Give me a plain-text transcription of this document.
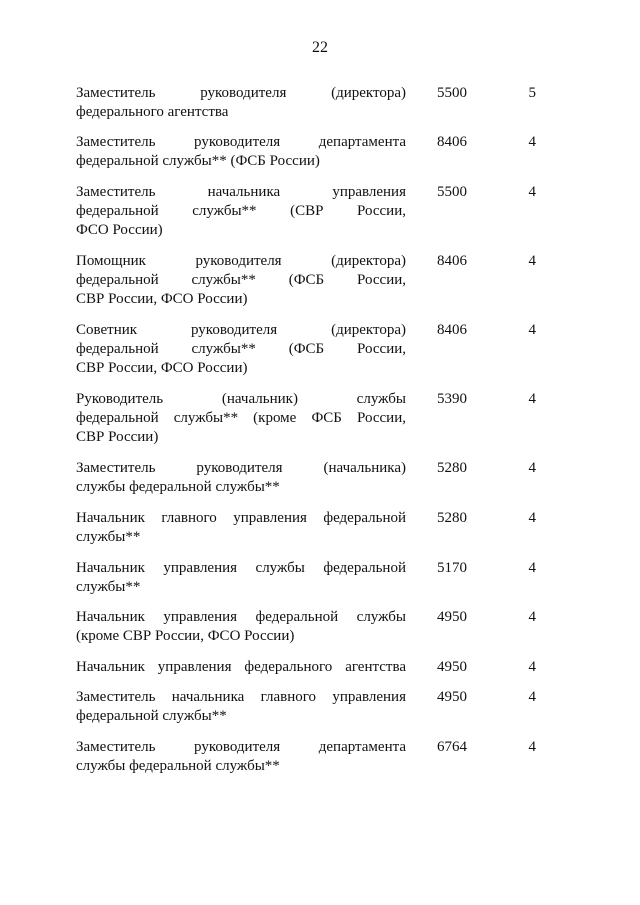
22
Заместитель руководителя (директора)
федерального агентства
5500	5
Заместитель руководителя департамента
федеральной службы** (ФСБ России)
8406	4
Заместитель начальника управления
федеральной службы** (СВР России,
ФСО России)
5500	4
Помощник руководителя (директора)
федеральной службы** (ФСБ России,
СВР России, ФСО России)
8406	4
Советник руководителя (директора)
федеральной службы** (ФСБ России,
СВР России, ФСО России)
8406	4
Руководитель (начальник) службы
федеральной службы** (кроме ФСБ России,
СВР России)
5390	4
Заместитель руководителя (начальника)
службы федеральной службы**
5280	4
Начальник главного управления федеральной
службы**
5280	4
Начальник управления службы федеральной
службы**
5170	4
Начальник управления федеральной службы
(кроме СВР России, ФСО России)
4950	4
Начальник управления федерального агентства 4950	4
Заместитель начальника главного управления
федеральной службы**
4950	4
Заместитель руководителя департамента
службы федеральной службы**
6764	4
